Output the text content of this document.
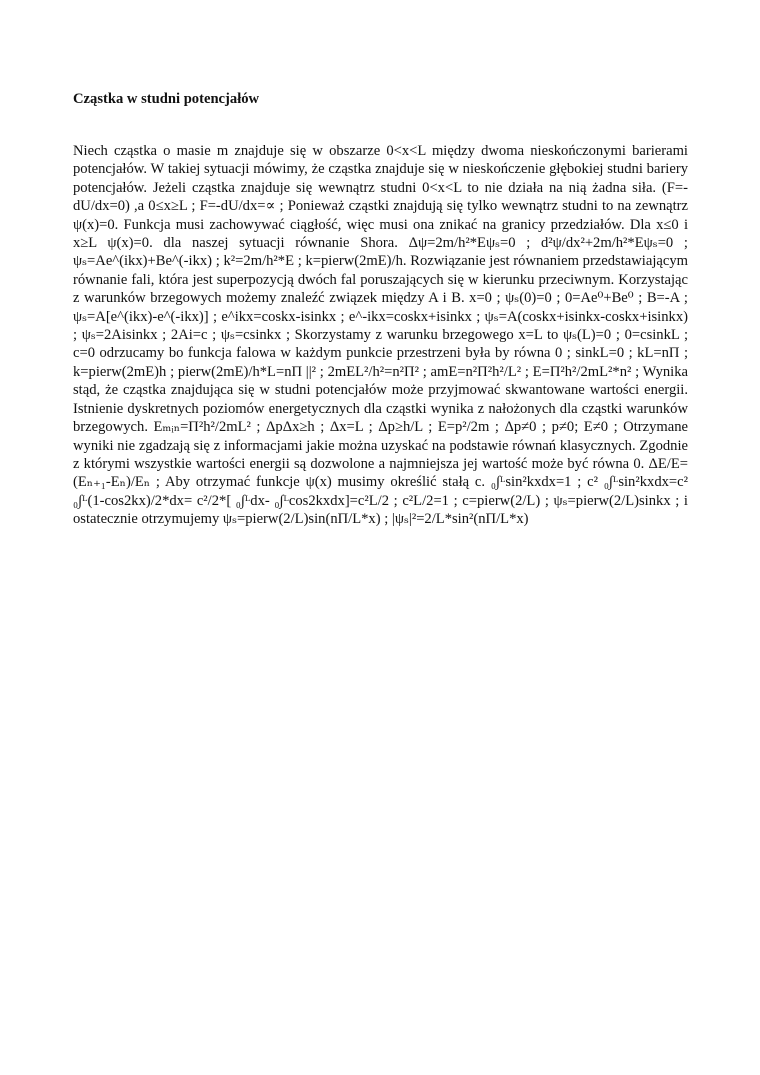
Cząstka w studni potencjałów

Niech cząstka o masie m znajduje się w obszarze 0<x<L między dwoma nieskończonymi barierami potencjałów. W takiej sytuacji mówimy, że cząstka znajduje się w nieskończenie głębokiej studni bariery potencjałów. Jeżeli cząstka znajduje się wewnątrz studni 0<x<L to nie działa na nią żadna siła. (F=-dU/dx=0) ,a 0≤x≥L ; F=-dU/dx=∝ ; Ponieważ cząstki znajdują się tylko wewnątrz studni to na zewnątrz ψ(x)=0. Funkcja musi zachowywać ciągłość, więc musi ona znikać na granicy przedziałów. Dla x≤0 i x≥L ψ(x)=0. dla naszej sytuacji równanie Shora. Δψ=2m/h²*Eψₛ=0 ; d²ψ/dx²+2m/h²*Eψₛ=0 ; ψₛ=Ae^(ikx)+Be^(-ikx) ; k²=2m/h²*E ; k=pierw(2mE)/h. Rozwiązanie jest równaniem przedstawiającym równanie fali, która jest superpozycją dwóch fal poruszających się w kierunku przeciwnym. Korzystając z warunków brzegowych możemy znaleźć związek między A i B. x=0 ; ψₛ(0)=0 ; 0=Ae⁰+Be⁰ ; B=-A ; ψₛ=A[e^(ikx)-e^(-ikx)] ; e^ikx=coskx-isinkx ; e^-ikx=coskx+isinkx ; ψₛ=A(coskx+isinkx-coskx+isinkx) ; ψₛ=2Aisinkx ; 2Ai=c ; ψₛ=csinkx ; Skorzystamy z warunku brzegowego x=L to ψₛ(L)=0 ; 0=csinkL ; c=0 odrzucamy bo funkcja falowa w każdym punkcie przestrzeni była by równa 0 ; sinkL=0 ; kL=nΠ ; k=pierw(2mE)h ; pierw(2mE)/h*L=nΠ ||² ; 2mEL²/h²=n²Π² ; amE=n²Π²h²/L² ; E=Π²h²/2mL²*n² ; Wynika stąd, że cząstka znajdująca się w studni potencjałów może przyjmować skwantowane wartości energii. Istnienie dyskretnych poziomów energetycznych dla cząstki wynika z nałożonych dla cząstki warunków brzegowych. Eₘᵢₙ=Π²h²/2mL² ; ΔpΔx≥h ; Δx=L ; Δp≥h/L ; E=p²/2m ; Δp≠0 ; p≠0; E≠0 ; Otrzymane wyniki nie zgadzają się z informacjami jakie można uzyskać na podstawie równań klasycznych. Zgodnie z którymi wszystkie wartości energii są dozwolone a najmniejsza jej wartość może być równa 0. ΔE/E=(Eₙ₊₁-Eₙ)/Eₙ ; Aby otrzymać funkcje ψ(x) musimy określić stałą c. ₀∫ᴸsin²kxdx=1 ; c² ₀∫ᴸsin²kxdx=c² ₀∫ᴸ(1-cos2kx)/2*dx= c²/2*[ ₀∫ᴸdx- ₀∫ᴸcos2kxdx]=c²L/2 ; c²L/2=1 ; c=pierw(2/L) ; ψₛ=pierw(2/L)sinkx ; i ostatecznie otrzymujemy ψₛ=pierw(2/L)sin(nΠ/L*x) ; |ψₛ|²=2/L*sin²(nΠ/L*x)
